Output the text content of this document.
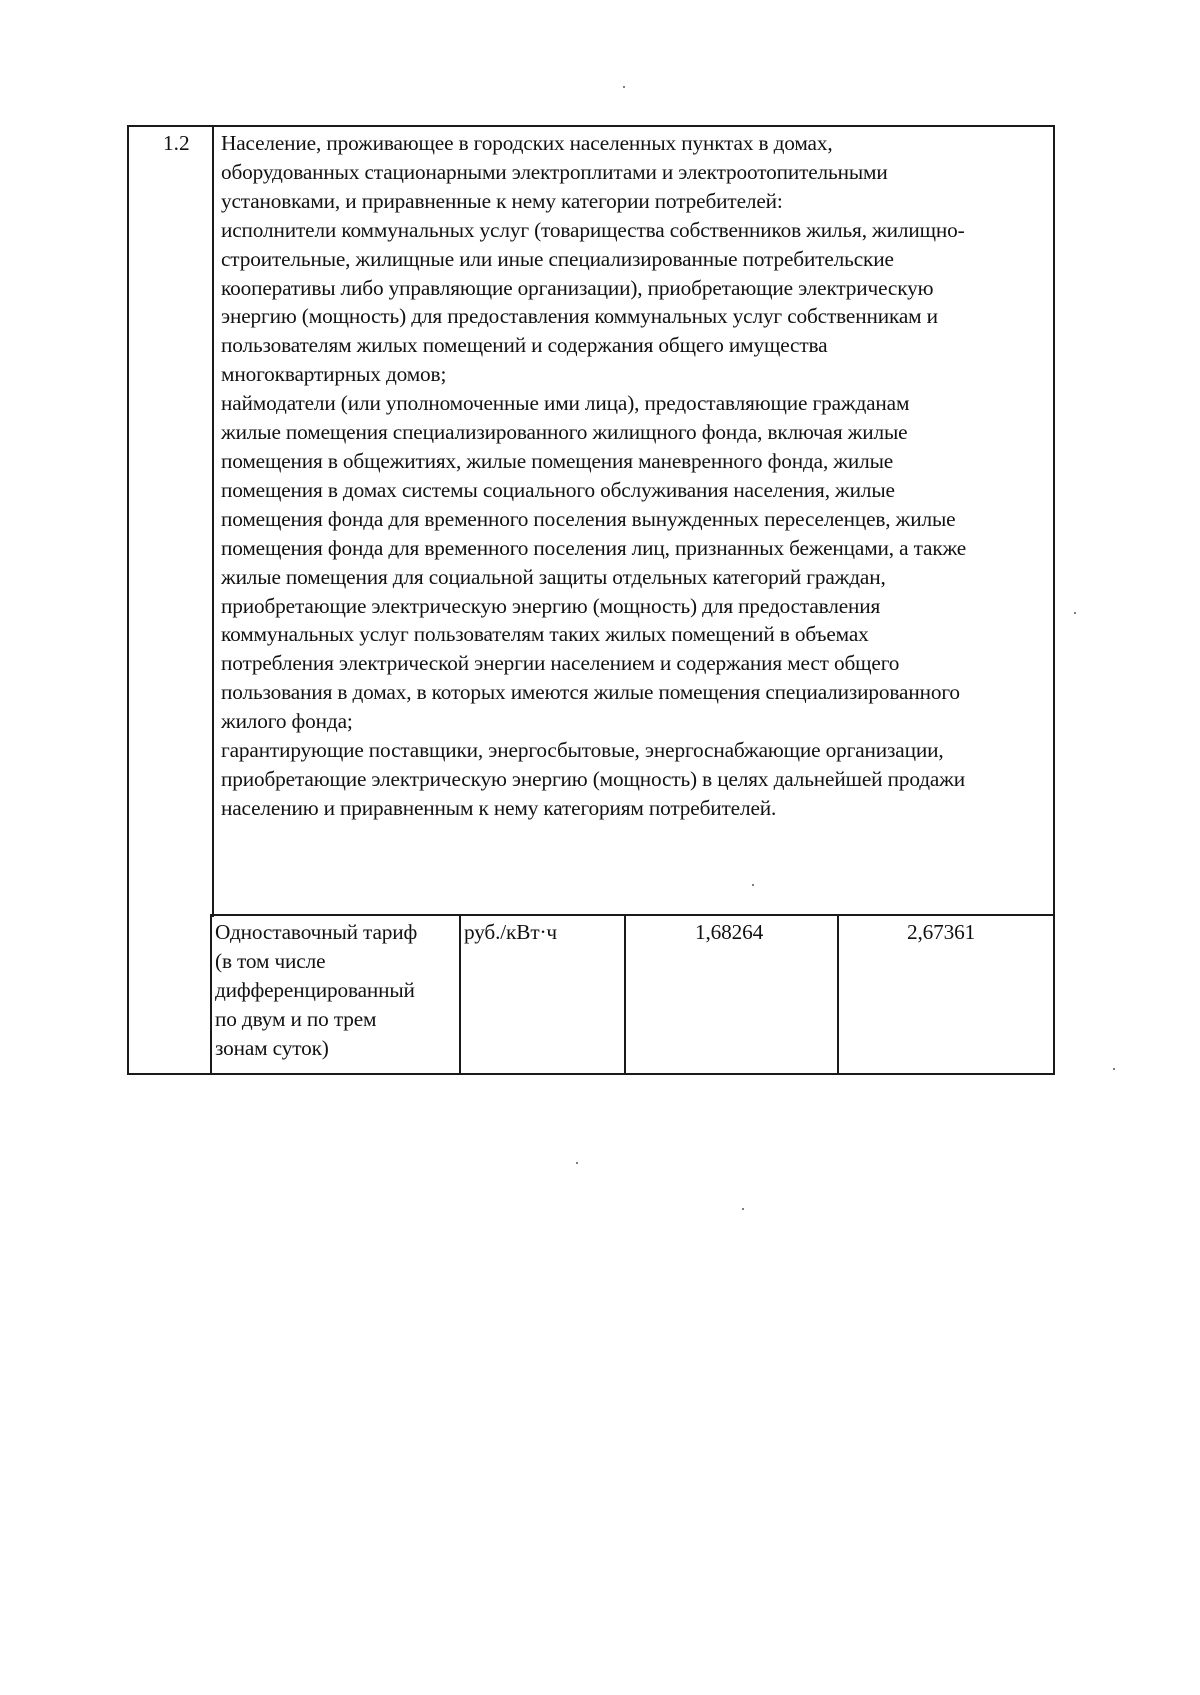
1.2 Население, проживающее в городских населенных пунктах в домах,
оборудованных стационарными электроплитами и электроотопительными
установками, и приравненные к нему категории потребителей:
исполнители коммунальных услуг (товарищества собственников жилья, жилищно-
строительные, жилищные или иные специализированные потребительские
кооперативы либо управляющие организации), приобретающие электрическую
энергию (мощность) для предоставления коммунальных услуг собственникам и
пользователям жилых помещений и содержания общего имущества
многоквартирных домов;
наймодатели (или уполномоченные ими лица), предоставляющие гражданам
жилые помещения специализированного жилищного фонда, включая жилые
помещения в общежитиях, жилые помещения маневренного фонда, жилые
помещения в домах системы социального обслуживания населения, жилые
помещения фонда для временного поселения вынужденных переселенцев, жилые
помещения фонда для временного поселения лиц, признанных беженцами, а также
жилые помещения для социальной защиты отдельных категорий граждан,
приобретающие электрическую энергию (мощность) для предоставления
коммунальных услуг пользователям таких жилых помещений в объемах
потребления электрической энергии населением и содержания мест общего
пользования в домах, в которых имеются жилые помещения специализированного
жилого фонда;
гарантирующие поставщики, энергосбытовые, энергоснабжающие организации,
приобретающие электрическую энергию (мощность) в целях дальнейшей продажи
населению и приравненным к нему категориям потребителей.
Одноставочный тариф
(в том числе
дифференцированный
по двум и по трем
зонам суток)
руб./кВт·ч	1,68264	2,67361
